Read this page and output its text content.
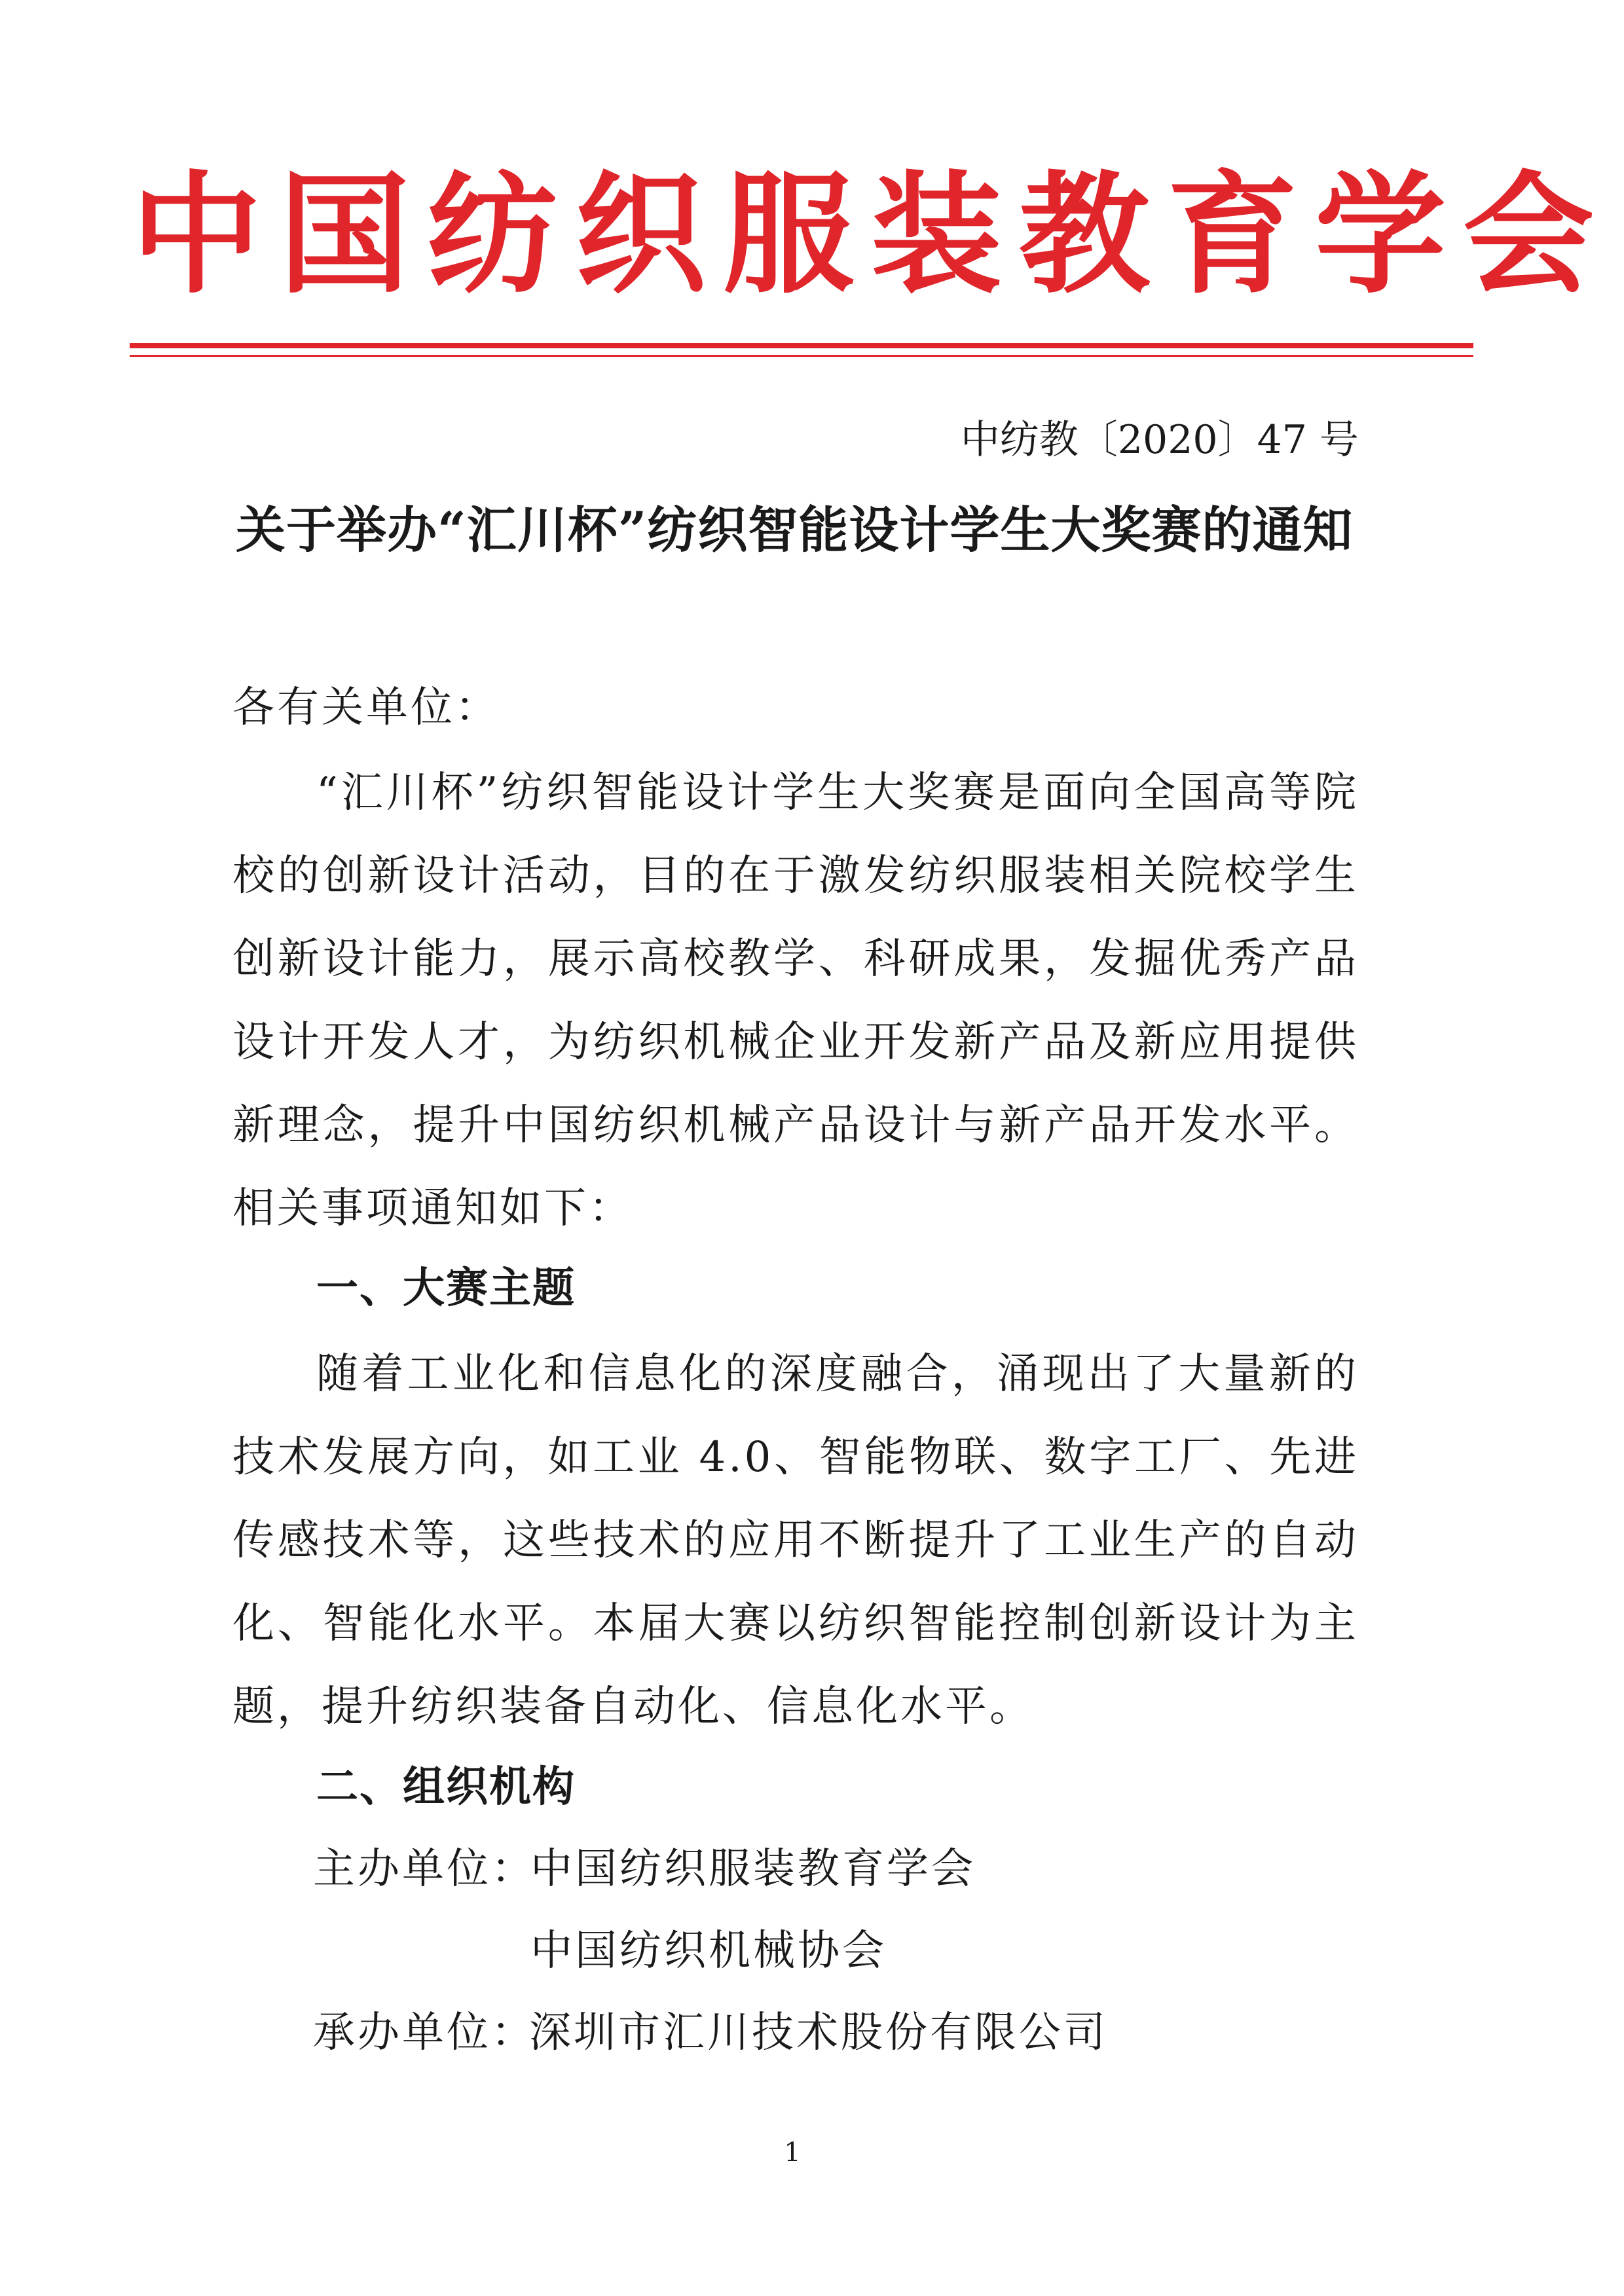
中国纺织服装教育学会
中纺教〔2020〕47 号
关于举办“汇川杯”纺织智能设计学生大奖赛的通知
各有关单位：
“汇川杯”纺织智能设计学生大奖赛是面向全国高等院校的创新设计活动，目的在于激发纺织服装相关院校学生创新设计能力，展示高校教学、科研成果，发掘优秀产品设计开发人才，为纺织机械企业开发新产品及新应用提供新理念，提升中国纺织机械产品设计与新产品开发水平。相关事项通知如下：
一、大赛主题
随着工业化和信息化的深度融合，涌现出了大量新的技术发展方向，如工业 4.0、智能物联、数字工厂、先进传感技术等，这些技术的应用不断提升了工业生产的自动化、智能化水平。本届大赛以纺织智能控制创新设计为主题，提升纺织装备自动化、信息化水平。
二、组织机构
主办单位：
中国纺织服装教育学会
中国纺织机械协会
承办单位：
深圳市汇川技术股份有限公司
1
